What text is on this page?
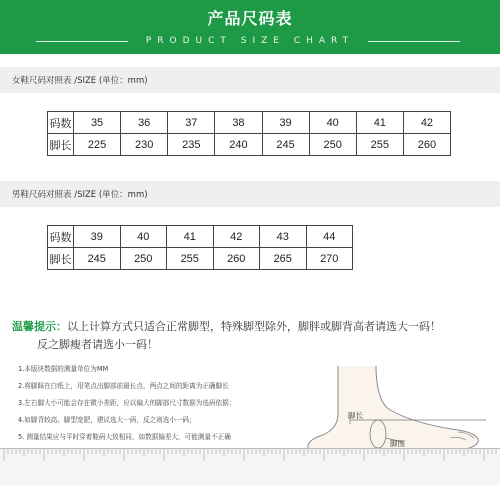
产品尺码表
PRODUCT SIZE CHART
女鞋尺码对照表 /SIZE (单位：mm)
码数	35	36	37	38	39	40	41	42
脚长	225	230	235	240	245	250	255	260
男鞋尺码对照表 /SIZE (单位：mm)
码数	39	40	41	42	43	44
脚长	245	250	255	260	265	270
温馨提示：以上计算方式只适合正常脚型，特殊脚型除外，脚胖或脚背高者请选大一码！
反之脚瘦者请选小一码！
1.本版块数据的测量单位为MM
2.将脚踩在白纸上，用笔点出脚部前最长点，两点之间的距离为正确脚长
3.左右脚大小可能会存在微小差距，应以偏大的脚部尺寸数据为选码依据；
4.如脚背较高、脚型宽肥，建议选大一码，反之则选小一码；
5. 测量结果应与平时穿着鞋码大致相同，如数据偏差大，可能测量不正确
脚长
脚围
